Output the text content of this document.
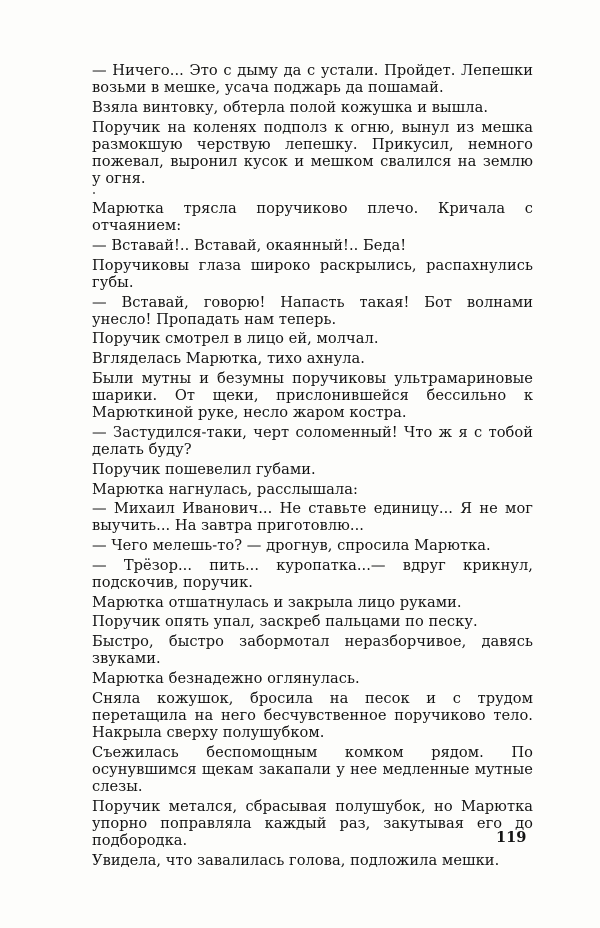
— Ничего... Это с дыму да с устали. Пройдет. Лепешки возьми в мешке, усача поджарь да пошамай.

Взяла винтовку, обтерла полой кожушка и вышла.

Поручик на коленях подполз к огню, вынул из мешка размокшую черствую лепешку. Прикусил, немного пожевал, выронил кусок и мешком свалился на землю у огня.

Марютка трясла поручиково плечо. Кричала с отчаянием:

— Вставай!.. Вставай, окаянный!.. Беда!

Поручиковы глаза широко раскрылись, распахнулись губы.

— Вставай, говорю! Напасть такая! Бот волнами унесло! Пропадать нам теперь.

Поручик смотрел в лицо ей, молчал.

Вгляделась Марютка, тихо ахнула.

Были мутны и безумны поручиковы ультрамариновые шарики. От щеки, прислонившейся бессильно к Марюткиной руке, несло жаром костра.

— Застудился-таки, черт соломенный! Что ж я с тобой делать буду?

Поручик пошевелил губами.

Марютка нагнулась, расслышала:

— Михаил Иванович... Не ставьте единицу... Я не мог выучить... На завтра приготовлю...

— Чего мелешь-то? — дрогнув, спросила Марютка.

— Трёзор... пить... куропатка...— вдруг крикнул, подскочив, поручик.

Марютка отшатнулась и закрыла лицо руками.

Поручик опять упал, заскреб пальцами по песку.

Быстро, быстро забормотал неразборчивое, давясь звуками.

Марютка безнадежно оглянулась.

Сняла кожушок, бросила на песок и с трудом перетащила на него бесчувственное поручиково тело. Накрыла сверху полушубком.

Съежилась беспомощным комком рядом. По осунувшимся щекам закапали у нее медленные мутные слезы.

Поручик метался, сбрасывая полушубок, но Марютка упорно поправляла каждый раз, закутывая его до подбородка.

Увидела, что завалилась голова, подложила мешки.

119
